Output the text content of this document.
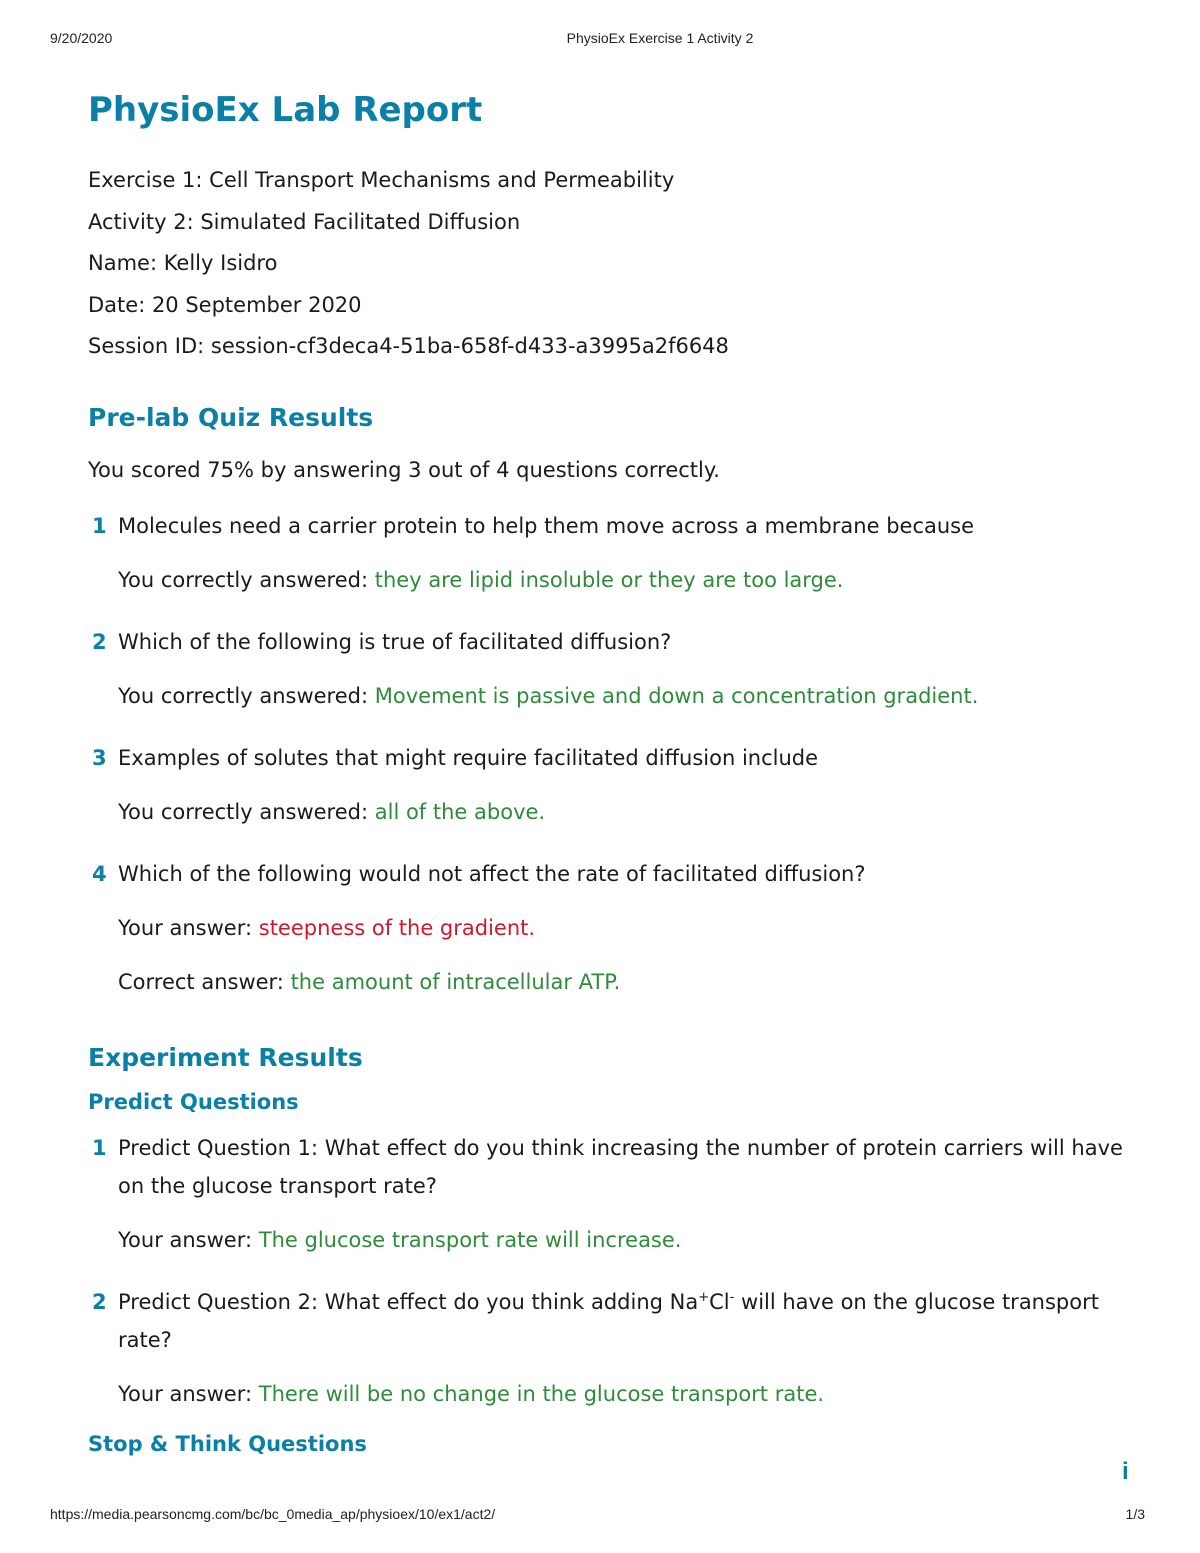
9/20/2020	PhysioEx Exercise 1 Activity 2
PhysioEx Lab Report

Exercise 1: Cell Transport Mechanisms and Permeability

Activity 2: Simulated Facilitated Diffusion

Name: Kelly Isidro

Date: 20 September 2020

Session ID: session-cf3deca4-51ba-658f-d433-a3995a2f6648

Pre-lab Quiz Results

You scored 75% by answering 3 out of 4 questions correctly.

1 Molecules need a carrier protein to help them move across a membrane because

You correctly answered: they are lipid insoluble or they are too large.

2 Which of the following is true of facilitated diffusion?

You correctly answered: Movement is passive and down a concentration gradient.

3 Examples of solutes that might require facilitated diffusion include

You correctly answered: all of the above.

4 Which of the following would not affect the rate of facilitated diffusion?

Your answer: steepness of the gradient.

Correct answer: the amount of intracellular ATP.

Experiment Results
Predict Questions
1 Predict Question 1: What effect do you think increasing the number of protein carriers will have on the glucose transport rate?

Your answer: The glucose transport rate will increase.

2 Predict Question 2: What effect do you think adding Na+Cl- will have on the glucose transport rate?

Your answer: There will be no change in the glucose transport rate.

Stop & Think Questions
i
https://media.pearsoncmg.com/bc/bc_0media_ap/physioex/10/ex1/act2/	1/3
